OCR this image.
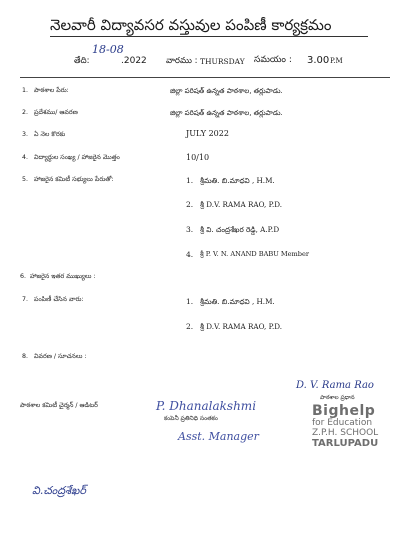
నెలవారీ విద్యావసర వస్తువుల పంపిణీ కార్యక్రమం
తేది:
18-08
.2022 వారము : THURSDAY సమయం : 3.00 P.M
1. పాఠశాల పేరు:	జిల్లా పరిషత్ ఉన్నత పాఠశాల, తర్లుపాడు.
2. ప్రదేశము/ ఆవరణ	జిల్లా పరిషత్ ఉన్నత పాఠశాల, తర్లుపాడు.
3. ఏ నెల కొరకు	JULY 2022
4. విద్యార్థుల సంఖ్య / హాజరైన మొత్తం	10/10
5. హాజరైన కమిటీ సభ్యులు పేరుతో:	1. శ్రీమతి. బి.మాధవి , H.M.
2. శ్రీ D.V. RAMA RAO, P.D.
3. శ్రీ వి. చంద్రశేఖర రెడ్డి, A.P.D
4. శ్రీ P. V. N. ANAND BABU Member
6. హాజరైన ఇతర ముఖ్యులు :
7. పంపిణీ చేసిన వారు:	1. శ్రీమతి. బి.మాధవి , H.M.
2. శ్రీ D.V. RAMA RAO, P.D.
8. వివరణ / సూచనలు :
D. V. Rama Rao
పాఠశాల ప్రధాన
పాఠశాల కమిటీ చైర్మన్ / ఆడిటర్	P. Dhanalakshmi
కంపెనీ ప్రతినిధి సంతకం
Asst. Manager
Bighelp
for Education
Z.P.H. SCHOOL
TARLUPADU
వి.చంద్రశేఖర్
